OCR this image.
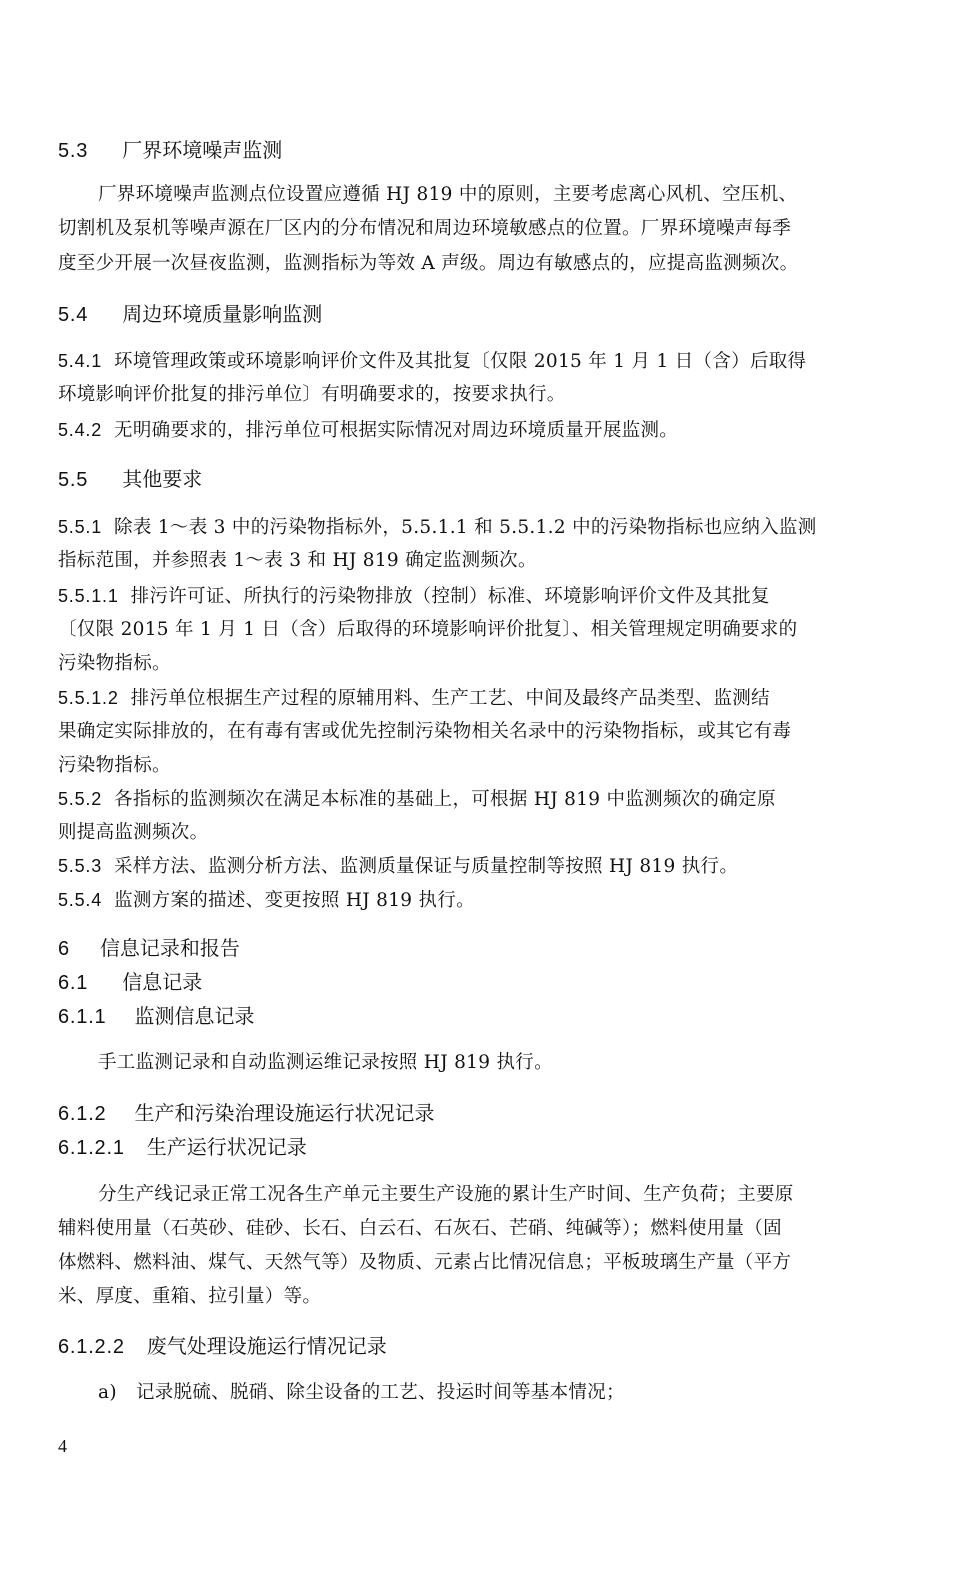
5.3 厂界环境噪声监测
厂界环境噪声监测点位设置应遵循 HJ 819 中的原则，主要考虑离心风机、空压机、
切割机及泵机等噪声源在厂区内的分布情况和周边环境敏感点的位置。厂界环境噪声每季
度至少开展一次昼夜监测，监测指标为等效 A 声级。周边有敏感点的，应提高监测频次。
5.4 周边环境质量影响监测
5.4.1 环境管理政策或环境影响评价文件及其批复〔仅限 2015 年 1 月 1 日（含）后取得
环境影响评价批复的排污单位〕有明确要求的，按要求执行。
5.4.2 无明确要求的，排污单位可根据实际情况对周边环境质量开展监测。
5.5 其他要求
5.5.1 除表 1～表 3 中的污染物指标外，5.5.1.1 和 5.5.1.2 中的污染物指标也应纳入监测
指标范围，并参照表 1～表 3 和 HJ 819 确定监测频次。
5.5.1.1 排污许可证、所执行的污染物排放（控制）标准、环境影响评价文件及其批复
〔仅限 2015 年 1 月 1 日（含）后取得的环境影响评价批复〕、相关管理规定明确要求的
污染物指标。
5.5.1.2 排污单位根据生产过程的原辅用料、生产工艺、中间及最终产品类型、监测结
果确定实际排放的，在有毒有害或优先控制污染物相关名录中的污染物指标，或其它有毒
污染物指标。
5.5.2 各指标的监测频次在满足本标准的基础上，可根据 HJ 819 中监测频次的确定原
则提高监测频次。
5.5.3 采样方法、监测分析方法、监测质量保证与质量控制等按照 HJ 819 执行。
5.5.4 监测方案的描述、变更按照 HJ 819 执行。
6 信息记录和报告
6.1 信息记录
6.1.1 监测信息记录
手工监测记录和自动监测运维记录按照 HJ 819 执行。
6.1.2 生产和污染治理设施运行状况记录
6.1.2.1 生产运行状况记录
分生产线记录正常工况各生产单元主要生产设施的累计生产时间、生产负荷；主要原
辅料使用量（石英砂、硅砂、长石、白云石、石灰石、芒硝、纯碱等）；燃料使用量（固
体燃料、燃料油、煤气、天然气等）及物质、元素占比情况信息；平板玻璃生产量（平方
米、厚度、重箱、拉引量）等。
6.1.2.2 废气处理设施运行情况记录
a) 记录脱硫、脱硝、除尘设备的工艺、投运时间等基本情况；
4
